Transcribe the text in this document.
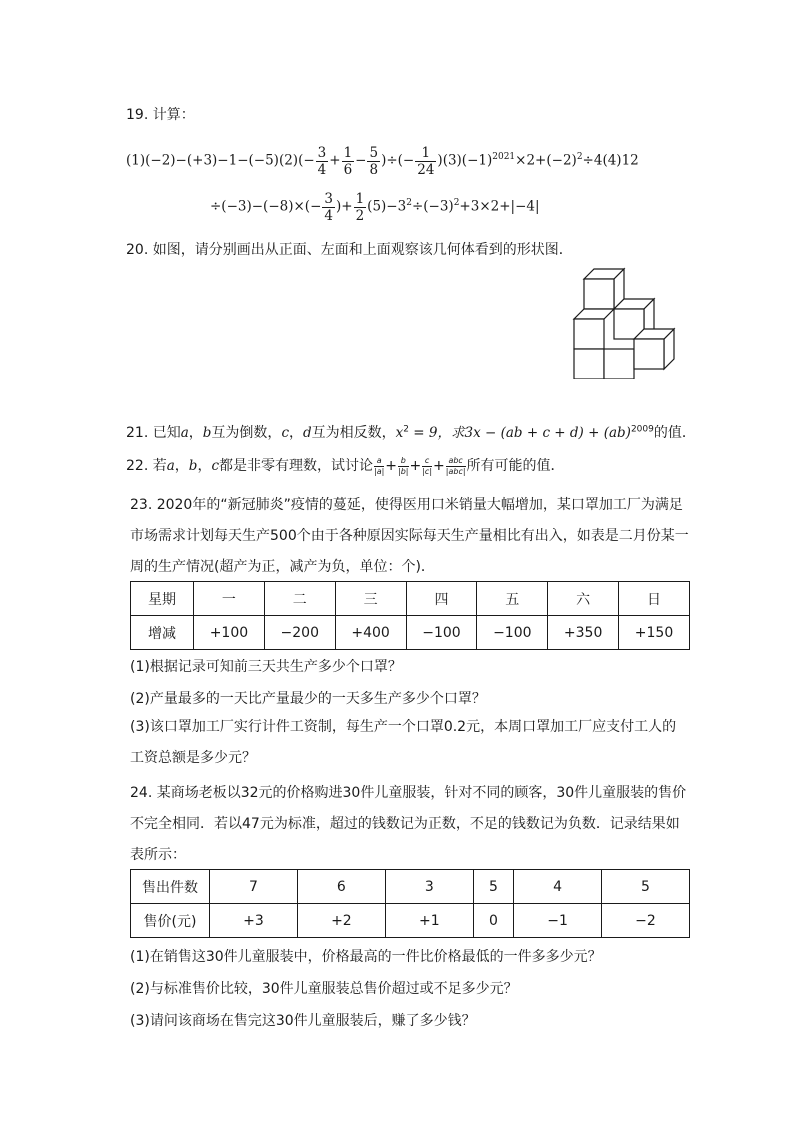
19. 计算：
$(1)(-2)-(+3)-1-(-5)(2)(- \frac{3}{4} + \frac{1}{6} - \frac{5}{8}$ )÷(− $\frac{1}{24} )(3)(-1)^{2021}\times 2+(-2)^2\div 4(4)12$
$\div(-3)-(-8)\times(- \frac{3}{4}$ )+ $\frac{1}{2} (5)-3^2\div(-3)^2+3\times 2+|-4|$
20. 如图，请分别画出从正面、左面和上面观察该几何体看到的形状图．
21. 已知a，b互为倒数，c，d互为相反数，$x^2 = 9$，求3x − (ab + c + d) + (ab)$^{2009}$的值．
22. 若a，b，c都是非零有理数，试讨论 $\frac{a}{|a|} + \frac{b}{|b|} + \frac{c}{|c|}$ + abc
|abc| 所有可能的值．
23. 2020年的“新冠肺炎”疫情的蔓延，使得医用口米销量大幅增加，某口罩加工厂为满足市场需求计划每天生产500个由于各种原因实际每天生产量相比有出入，如表是二月份某一周的生产情况(超产为正，减产为负，单位：个)．
星期	一	二	三	四	五	六	日
增减	+100	−200	+400	−100	−100	+350	+150
(1)根据记录可知前三天共生产多少个口罩？
(2)产量最多的一天比产量最少的一天多生产多少个口罩？
(3)该口罩加工厂实行计件工资制，每生产一个口罩0.2元，本周口罩加工厂应支付工人的工资总额是多少元？
24. 某商场老板以32元的价格购进30件儿童服装，针对不同的顾客，30件儿童服装的售价不完全相同．若以47元为标准，超过的钱数记为正数，不足的钱数记为负数．记录结果如表所示：
售出件数	7	6	3	5	4	5
售价(元)	+3	+2	+1	0	−1	−2
(1)在销售这30件儿童服装中，价格最高的一件比价格最低的一件多多少元？
(2)与标准售价比较，30件儿童服装总售价超过或不足多少元？
(3)请问该商场在售完这30件儿童服装后，赚了多少钱？
